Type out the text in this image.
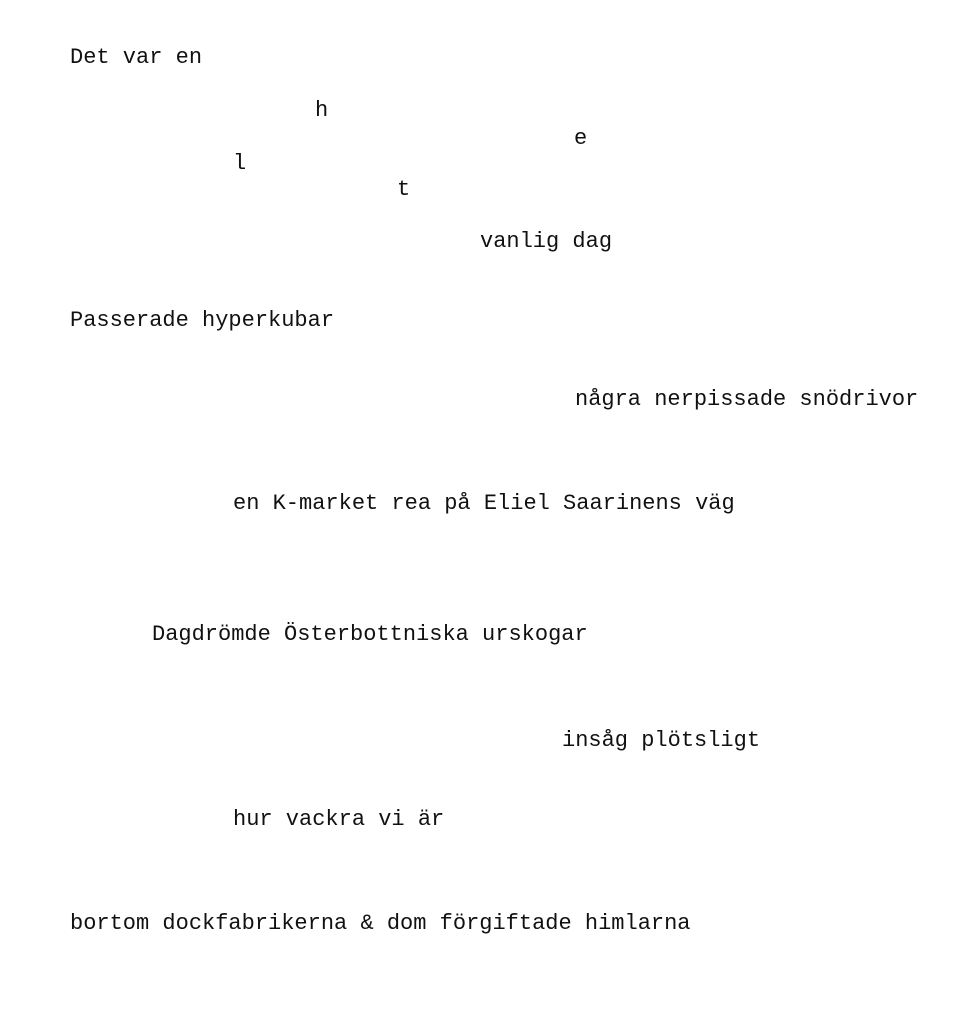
Det var en
h
e
l
t
vanlig dag
Passerade hyperkubar
några nerpissade snödrivor
en K-market rea på Eliel Saarinens väg
Dagdrömde Österbottniska urskogar
insåg plötsligt
hur vackra vi är
bortom dockfabrikerna & dom förgiftade himlarna
